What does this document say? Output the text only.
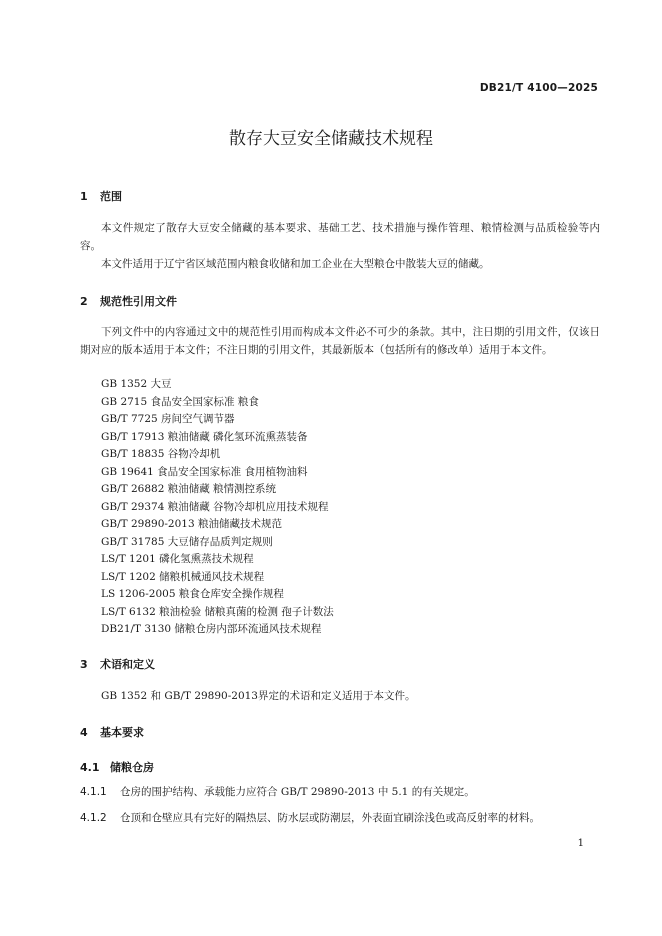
DB21/T 4100—2025
散存大豆安全储藏技术规程
1 范围

本文件规定了散存大豆安全储藏的基本要求、基础工艺、技术措施与操作管理、粮情检测与品质检验等内容。

本文件适用于辽宁省区域范围内粮食收储和加工企业在大型粮仓中散装大豆的储藏。

2 规范性引用文件

下列文件中的内容通过文中的规范性引用而构成本文件必不可少的条款。其中，注日期的引用文件，仅该日期对应的版本适用于本文件；不注日期的引用文件，其最新版本（包括所有的修改单）适用于本文件。

GB 1352 大豆
GB 2715 食品安全国家标准 粮食
GB/T 7725 房间空气调节器
GB/T 17913 粮油储藏 磷化氢环流熏蒸装备
GB/T 18835 谷物冷却机
GB 19641 食品安全国家标准 食用植物油料
GB/T 26882 粮油储藏 粮情测控系统
GB/T 29374 粮油储藏 谷物冷却机应用技术规程
GB/T 29890-2013 粮油储藏技术规范
GB/T 31785 大豆储存品质判定规则
LS/T 1201 磷化氢熏蒸技术规程
LS/T 1202 储粮机械通风技术规程
LS 1206-2005 粮食仓库安全操作规程
LS/T 6132 粮油检验 储粮真菌的检测 孢子计数法
DB21/T 3130 储粮仓房内部环流通风技术规程
3 术语和定义

GB 1352 和 GB/T 29890-2013界定的术语和定义适用于本文件。

4 基本要求
4.1 储粮仓房
4.1.1 仓房的围护结构、承载能力应符合 GB/T 29890-2013 中 5.1 的有关规定。
4.1.2 仓顶和仓壁应具有完好的隔热层、防水层或防潮层，外表面宜刷涂浅色或高反射率的材料。
1
